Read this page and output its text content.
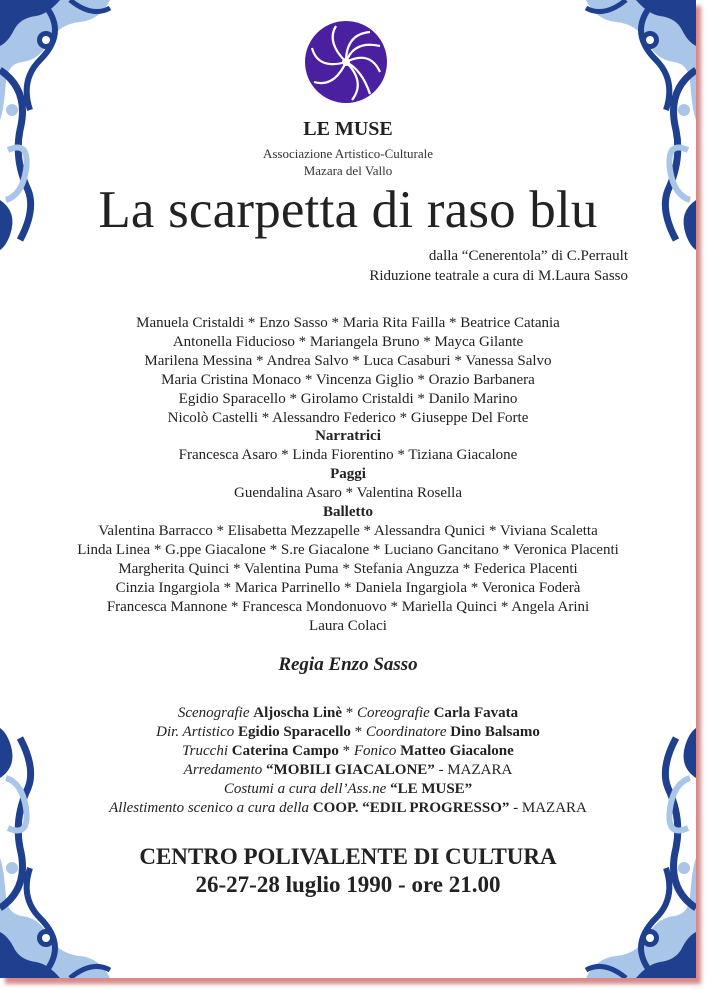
LE MUSE
Associazione Artistico-Culturale
Mazara del Vallo
La scarpetta di raso blu
dalla “Cenerentola” di C.Perrault
Riduzione teatrale a cura di M.Laura Sasso
Manuela Cristaldi * Enzo Sasso * Maria Rita Failla * Beatrice Catania
Antonella Fiducioso * Mariangela Bruno * Mayca Gilante
Marilena Messina * Andrea Salvo * Luca Casaburi * Vanessa Salvo
Maria Cristina Monaco * Vincenza Giglio * Orazio Barbanera
Egidio Sparacello * Girolamo Cristaldi * Danilo Marino
Nicolò Castelli * Alessandro Federico * Giuseppe Del Forte
Narratrici
Francesca Asaro * Linda Fiorentino * Tiziana Giacalone
Paggi
Guendalina Asaro * Valentina Rosella
Balletto
Valentina Barracco * Elisabetta Mezzapelle * Alessandra Qunici * Viviana Scaletta
Linda Linea * G.ppe Giacalone * S.re Giacalone * Luciano Gancitano * Veronica Placenti
Margherita Quinci * Valentina Puma * Stefania Anguzza * Federica Placenti
Cinzia Ingargiola * Marica Parrinello * Daniela Ingargiola * Veronica Foderà
Francesca Mannone * Francesca Mondonuovo * Mariella Quinci * Angela Arini
Laura Colaci
Regia Enzo Sasso
Scenografie Aljoscha Linè * Coreografie Carla Favata
Dir. Artistico Egidio Sparacello * Coordinatore Dino Balsamo
Trucchi Caterina Campo * Fonico Matteo Giacalone
Arredamento “MOBILI GIACALONE” - MAZARA
Costumi a cura dell’Ass.ne “LE MUSE”
Allestimento scenico a cura della COOP. “EDIL PROGRESSO” - MAZARA
CENTRO POLIVALENTE DI CULTURA
26-27-28 luglio 1990 - ore 21.00
